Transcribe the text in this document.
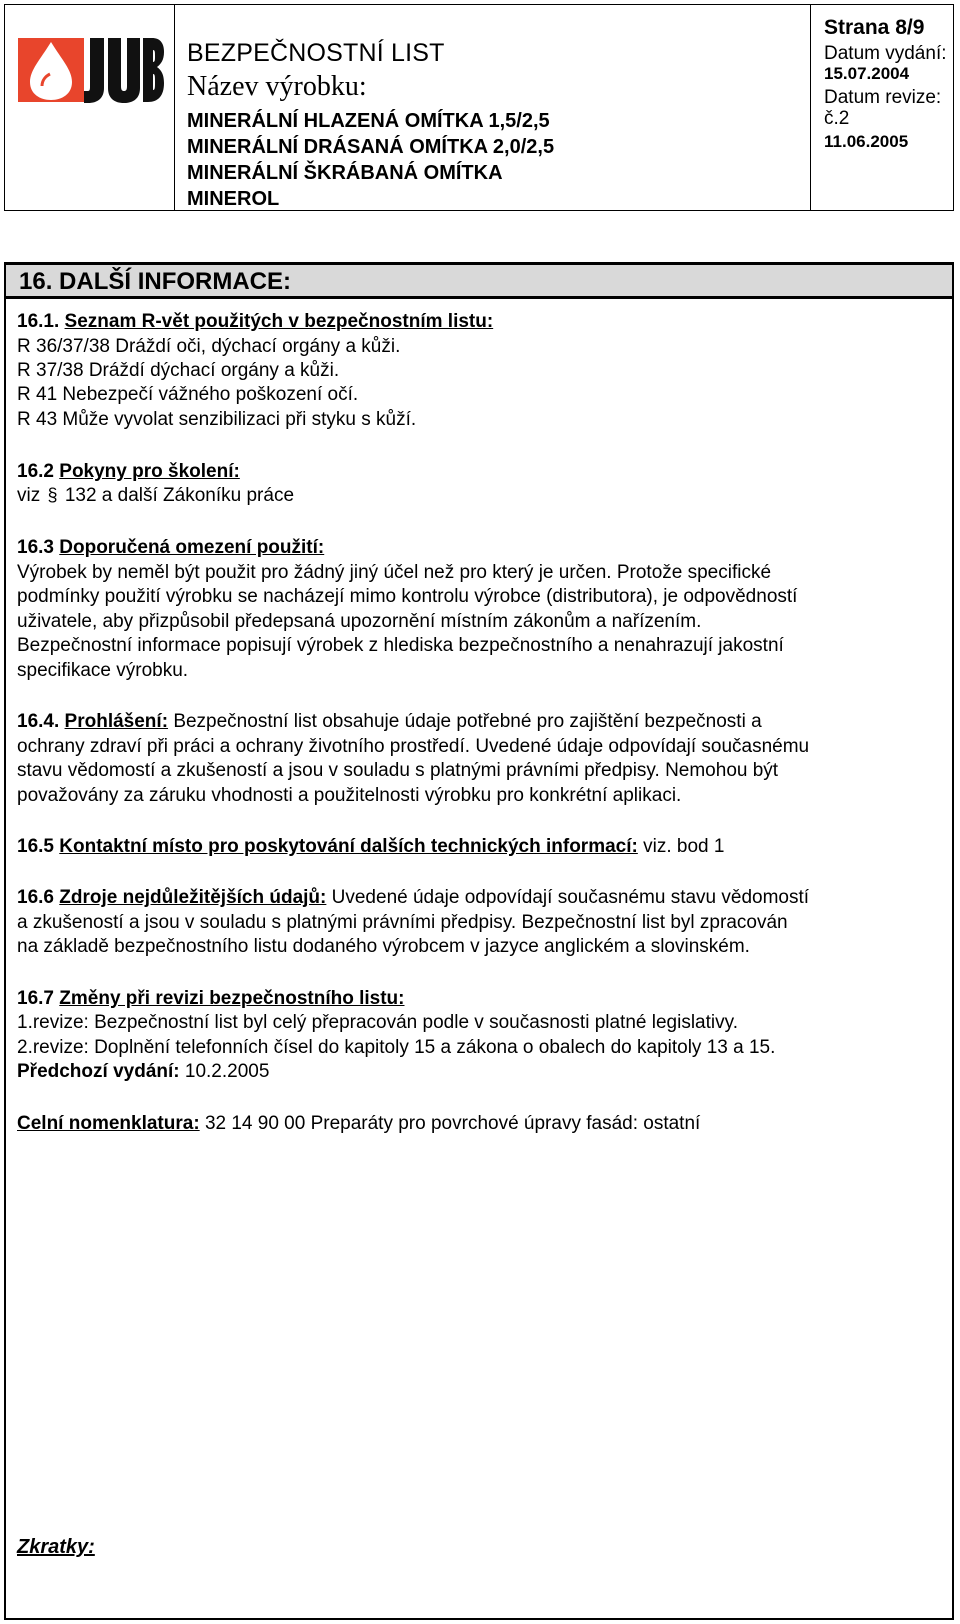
BEZPEČNOSTNÍ LIST
Název výrobku:
MINERÁLNÍ HLAZENÁ OMÍTKA 1,5/2,5
MINERÁLNÍ DRÁSANÁ OMÍTKA 2,0/2,5
MINERÁLNÍ ŠKRÁBANÁ OMÍTKA
MINEROL
Strana 8/9
Datum vydání:
15.07.2004
Datum revize:
č.2
11.06.2005
16. DALŠÍ INFORMACE:
16.1. Seznam R-vět použitých v bezpečnostním listu:
R 36/37/38 Dráždí oči, dýchací orgány a kůži.
R 37/38 Dráždí dýchací orgány a kůži.
R 41 Nebezpečí vážného poškození očí.
R 43 Může vyvolat senzibilizaci při styku s kůží.
16.2 Pokyny pro školení:
viz § 132 a další Zákoníku práce
16.3 Doporučená omezení použití:
Výrobek by neměl být použit pro žádný jiný účel než pro který je určen. Protože specifické
podmínky použití výrobku se nacházejí mimo kontrolu výrobce (distributora), je odpovědností
uživatele, aby přizpůsobil předepsaná upozornění místním zákonům a nařízením.
Bezpečnostní informace popisují výrobek z hlediska bezpečnostního a nenahrazují jakostní
specifikace výrobku.
16.4. Prohlášení: Bezpečnostní list obsahuje údaje potřebné pro zajištění bezpečnosti a
ochrany zdraví při práci a ochrany životního prostředí. Uvedené údaje odpovídají současnému
stavu vědomostí a zkušeností a jsou v souladu s platnými právními předpisy. Nemohou být
považovány za záruku vhodnosti a použitelnosti výrobku pro konkrétní aplikaci.
16.5 Kontaktní místo pro poskytování dalších technických informací: viz. bod 1
16.6 Zdroje nejdůležitějších údajů: Uvedené údaje odpovídají současnému stavu vědomostí
a zkušeností a jsou v souladu s platnými právními předpisy. Bezpečnostní list byl zpracován
na základě bezpečnostního listu dodaného výrobcem v jazyce anglickém a slovinském.
16.7 Změny při revizi bezpečnostního listu:
1.revize: Bezpečnostní list byl celý přepracován podle v současnosti platné legislativy.
2.revize: Doplnění telefonních čísel do kapitoly 15 a zákona o obalech do kapitoly 13 a 15.
Předchozí vydání: 10.2.2005
Celní nomenklatura: 32 14 90 00 Preparáty pro povrchové úpravy fasád: ostatní
Zkratky:
